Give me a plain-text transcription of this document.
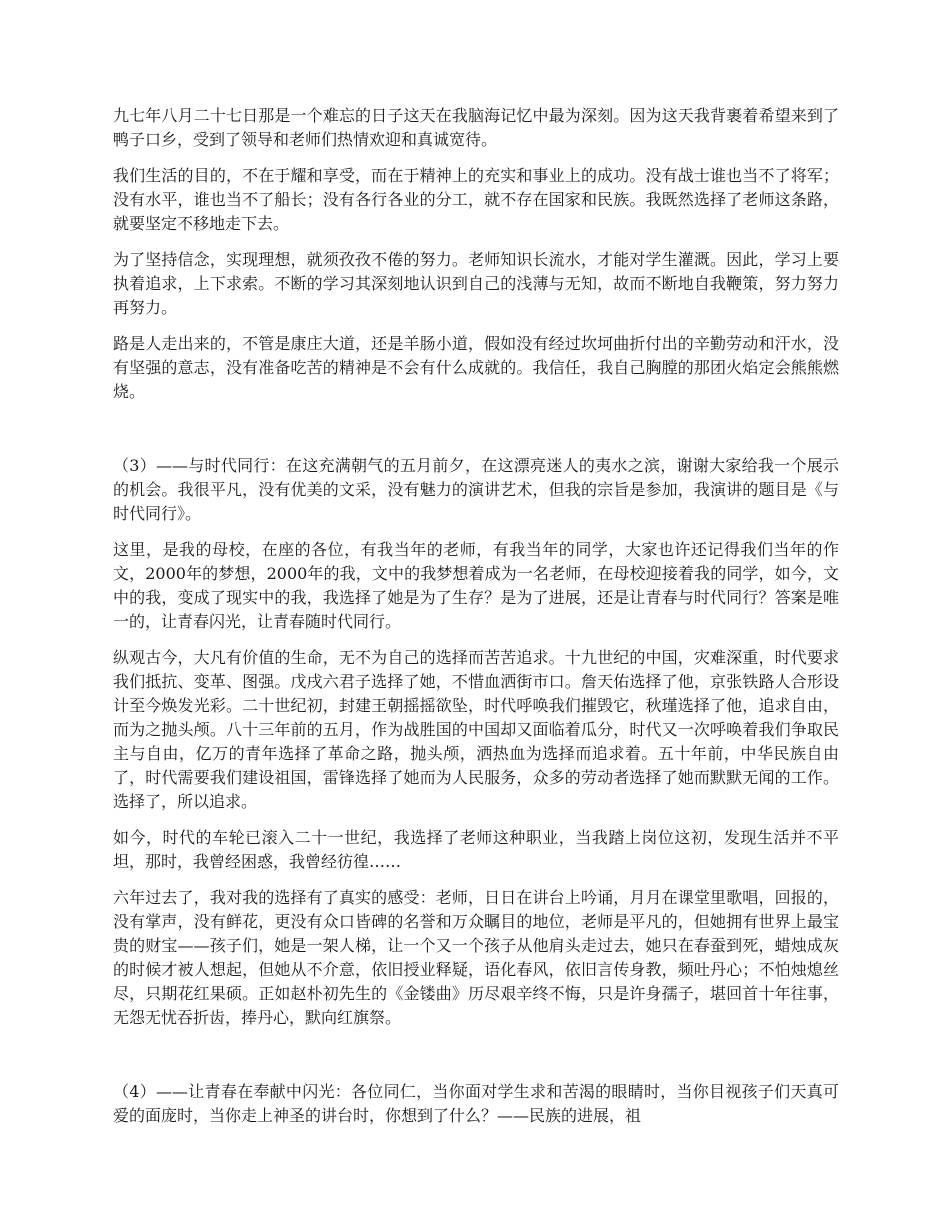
九七年八月二十七日那是一个难忘的日子这天在我脑海记忆中最为深刻。因为这天我背裹着希望来到了鸭子口乡，受到了领导和老师们热情欢迎和真诚宽待。

我们生活的目的，不在于耀和享受，而在于精神上的充实和事业上的成功。没有战士谁也当不了将军；没有水平，谁也当不了船长；没有各行各业的分工，就不存在国家和民族。我既然选择了老师这条路，就要坚定不移地走下去。

为了坚持信念，实现理想，就须孜孜不倦的努力。老师知识长流水，才能对学生灌溉。因此，学习上要执着追求，上下求索。不断的学习其深刻地认识到自己的浅薄与无知，故而不断地自我鞭策，努力努力再努力。

路是人走出来的，不管是康庄大道，还是羊肠小道，假如没有经过坎坷曲折付出的辛勤劳动和汗水，没有坚强的意志，没有准备吃苦的精神是不会有什么成就的。我信任，我自己胸膛的那团火焰定会熊熊燃烧。

（3）——与时代同行：在这充满朝气的五月前夕，在这漂亮迷人的夷水之滨，谢谢大家给我一个展示的机会。我很平凡，没有优美的文采，没有魅力的演讲艺术，但我的宗旨是参加，我演讲的题目是《与时代同行》。

这里，是我的母校，在座的各位，有我当年的老师，有我当年的同学，大家也许还记得我们当年的作文，2000年的梦想，2000年的我，文中的我梦想着成为一名老师，在母校迎接着我的同学，如今，文中的我，变成了现实中的我，我选择了她是为了生存？是为了进展，还是让青春与时代同行？答案是唯一的，让青春闪光，让青春随时代同行。

纵观古今，大凡有价值的生命，无不为自己的选择而苦苦追求。十九世纪的中国，灾难深重，时代要求我们抵抗、变革、图强。戊戌六君子选择了她，不惜血洒街市口。詹天佑选择了他，京张铁路人合形设计至今焕发光彩。二十世纪初，封建王朝摇摇欲坠，时代呼唤我们摧毁它，秋瑾选择了他，追求自由，而为之抛头颅。八十三年前的五月，作为战胜国的中国却又面临着瓜分，时代又一次呼唤着我们争取民主与自由，亿万的青年选择了革命之路，抛头颅，洒热血为选择而追求着。五十年前，中华民族自由了，时代需要我们建设祖国，雷锋选择了她而为人民服务，众多的劳动者选择了她而默默无闻的工作。选择了，所以追求。

如今，时代的车轮已滚入二十一世纪，我选择了老师这种职业，当我踏上岗位这初，发现生活并不平坦，那时，我曾经困惑，我曾经彷徨……

六年过去了，我对我的选择有了真实的感受：老师，日日在讲台上吟诵，月月在课堂里歌唱，回报的，没有掌声，没有鲜花，更没有众口皆碑的名誉和万众瞩目的地位，老师是平凡的，但她拥有世界上最宝贵的财宝——孩子们，她是一架人梯，让一个又一个孩子从他肩头走过去，她只在春蚕到死，蜡烛成灰的时候才被人想起，但她从不介意，依旧授业释疑，语化春风，依旧言传身教，频吐丹心；不怕烛熄丝尽，只期花红果硕。正如赵朴初先生的《金镂曲》历尽艰辛终不悔，只是许身孺子，堪回首十年往事，无怨无忧吞折齿，捧丹心，默向红旗祭。

（4）——让青春在奉献中闪光：各位同仁，当你面对学生求和苦渴的眼睛时，当你目视孩子们天真可爱的面庞时，当你走上神圣的讲台时，你想到了什么？——民族的进展，祖
